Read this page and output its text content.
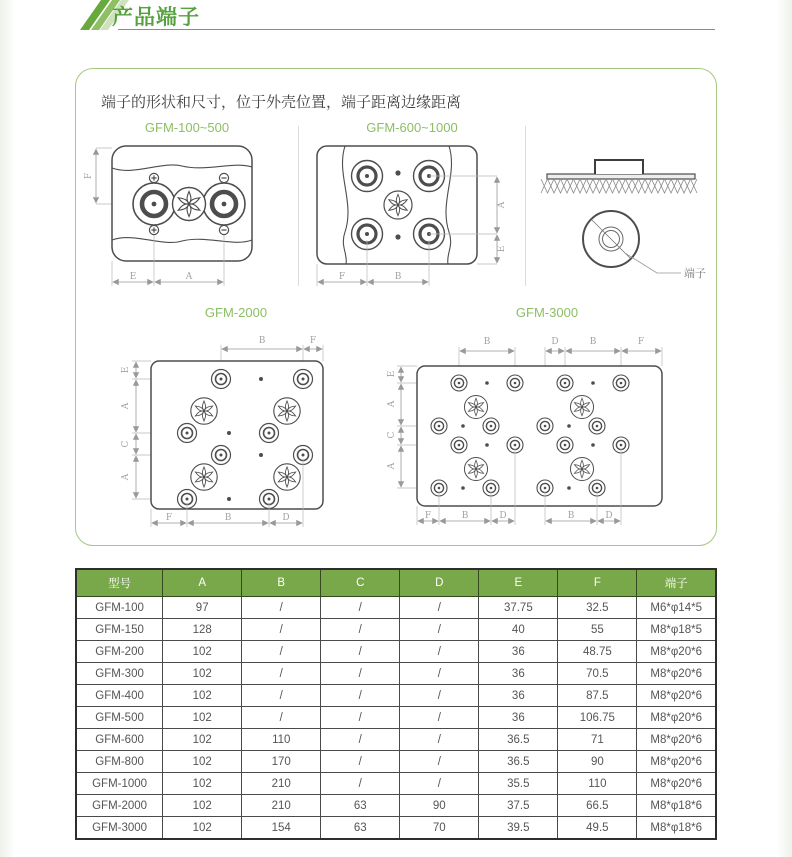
产品端子

端子的形状和尺寸，位于外壳位置，端子距离边缘距离

GFM-100~500
F
E	A
GFM-600~1000
A
E
F	B	端子
GFM-2000
B	F
E
A
C
A
F	B	D
GFM-3000
B	D	B	F
E
A
C
A
F	B	D	B	D
型号	A	B	C	D	E	F	端子
GFM-100	97	/	/	/	37.75	32.5	M6*φ14*5
GFM-150	128	/	/	/	40	55	M8*φ18*5
GFM-200	102	/	/	/	36	48.75	M8*φ20*6
GFM-300	102	/	/	/	36	70.5	M8*φ20*6
GFM-400	102	/	/	/	36	87.5	M8*φ20*6
GFM-500	102	/	/	/	36	106.75	M8*φ20*6
GFM-600	102	110	/	/	36.5	71	M8*φ20*6
GFM-800	102	170	/	/	36.5	90	M8*φ20*6
GFM-1000	102	210	/	/	35.5	110	M8*φ20*6
GFM-2000	102	210	63	90	37.5	66.5	M8*φ18*6
GFM-3000	102	154	63	70	39.5	49.5	M8*φ18*6
